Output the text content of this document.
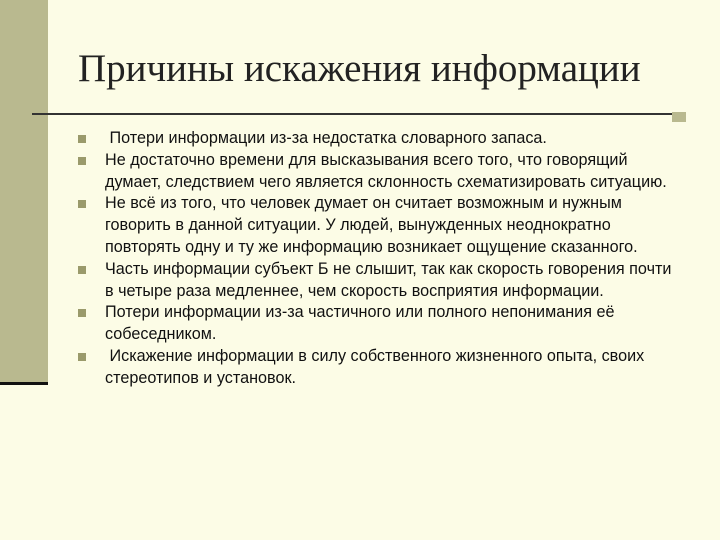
Причины искажения информации
Потери информации из-за недостатка словарного запаса.
Не достаточно времени для высказывания всего того, что говорящий думает, следствием чего является склонность схематизировать ситуацию.
Не всё из того, что человек думает он считает возможным и нужным говорить в данной ситуации. У людей, вынужденных неоднократно повторять одну и ту же информацию возникает ощущение сказанного.
Часть информации субъект Б не слышит, так как скорость говорения почти в четыре раза медленнее, чем скорость восприятия информации.
Потери информации из-за частичного или полного непонимания её собеседником.
Искажение информации в силу собственного жизненного опыта, своих стереотипов и установок.
